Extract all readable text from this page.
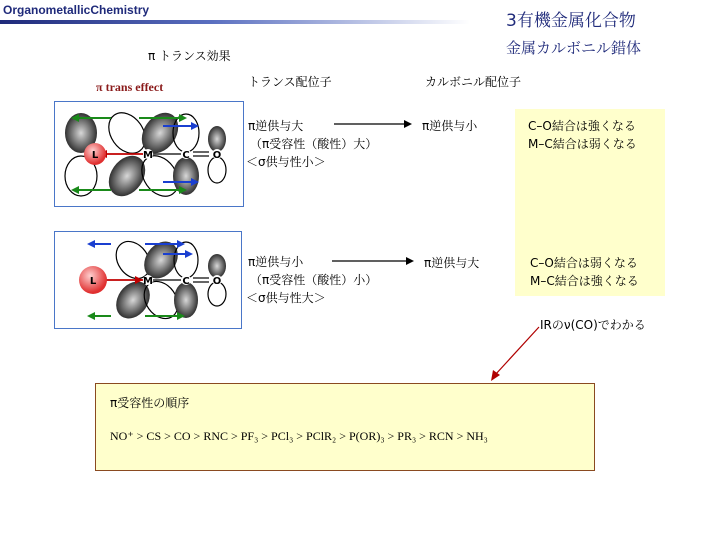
OrganometallicChemistry
3有機金属化合物
金属カルボニル錯体
π トランス効果
π trans effect	トランス配位子	カルボニル配位子
L	M	C O
π逆供与大
（π受容性（酸性）大）
＜σ供与性小＞
π逆供与小	C–O結合は強くなる
M–C結合は弱くなる
L	M	C O
π逆供与小
（π受容性（酸性）小）
＜σ供与性大＞
π逆供与大	C–O結合は弱くなる
M–C結合は強くなる
IRのν(CO)でわかる
π受容性の順序
NO⁺ > CS > CO > RNC > PF₃ > PCl₃ > PClR₂ > P(OR)₃ > PR₃ > RCN > NH₃
